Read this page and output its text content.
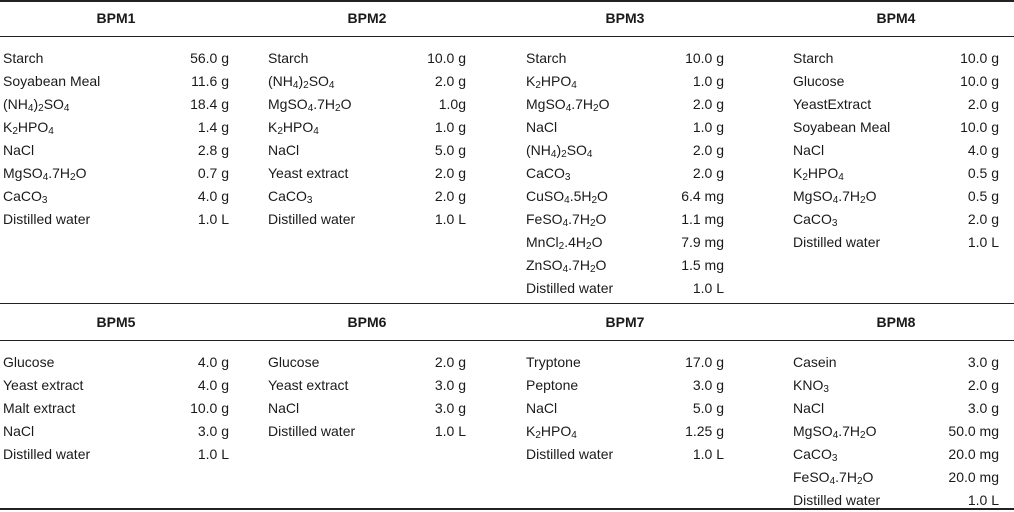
BPM1
Starch	56.0 g
Soyabean Meal	11.6 g
$(NH_4)_2SO_4$	18.4 g
$K_2HPO_4$	1.4 g
NaCl	2.8 g
$MgSO_4.7H_2O$	0.7 g
CaCO$_3$	4.0 g
Distilled water	1.0 L
BPM2
Starch	10.0 g
$(NH_4)_2SO_4$	2.0 g
$MgSO_4.7H_2O$	1.0g
$K_2HPO_4$	1.0 g
NaCl	5.0 g
Yeast extract	2.0 g
CaCO$_3$	2.0 g
Distilled water	1.0 L
BPM3
Starch	10.0 g
$K_2HPO_4$	1.0 g
$MgSO_4.7H_2O$	2.0 g
NaCl	1.0 g
$(NH_4)_2SO_4$	2.0 g
CaCO$_3$	2.0 g
$CuSO_4.5H_2O$	6.4 mg
$FeSO_4.7H_2O$	1.1 mg
$MnCl_2.4H_2O$	7.9 mg
$ZnSO_4.7H_2O$	1.5 mg
Distilled water	1.0 L
BPM4
Starch	10.0 g
Glucose	10.0 g
YeastExtract	2.0 g
Soyabean Meal	10.0 g
NaCl	4.0 g
$K_2HPO_4$	0.5 g
$MgSO_4.7H_2O$	0.5 g
CaCO$_3$	2.0 g
Distilled water	1.0 L
BPM5
Glucose	4.0 g
Yeast extract	4.0 g
Malt extract	10.0 g
NaCl	3.0 g
Distilled water	1.0 L
BPM6
Glucose	2.0 g
Yeast extract	3.0 g
NaCl	3.0 g
Distilled water	1.0 L
BPM7
Tryptone	17.0 g
Peptone	3.0 g
NaCl	5.0 g
$K_2HPO_4$	1.25 g
Distilled water	1.0 L
BPM8
Casein	3.0 g
$KNO_3$	2.0 g
NaCl	3.0 g
$MgSO_4.7H_2O$	50.0 mg
CaCO$_3$	20.0 mg
$FeSO_4.7H_2O$	20.0 mg
Distilled water	1.0 L
